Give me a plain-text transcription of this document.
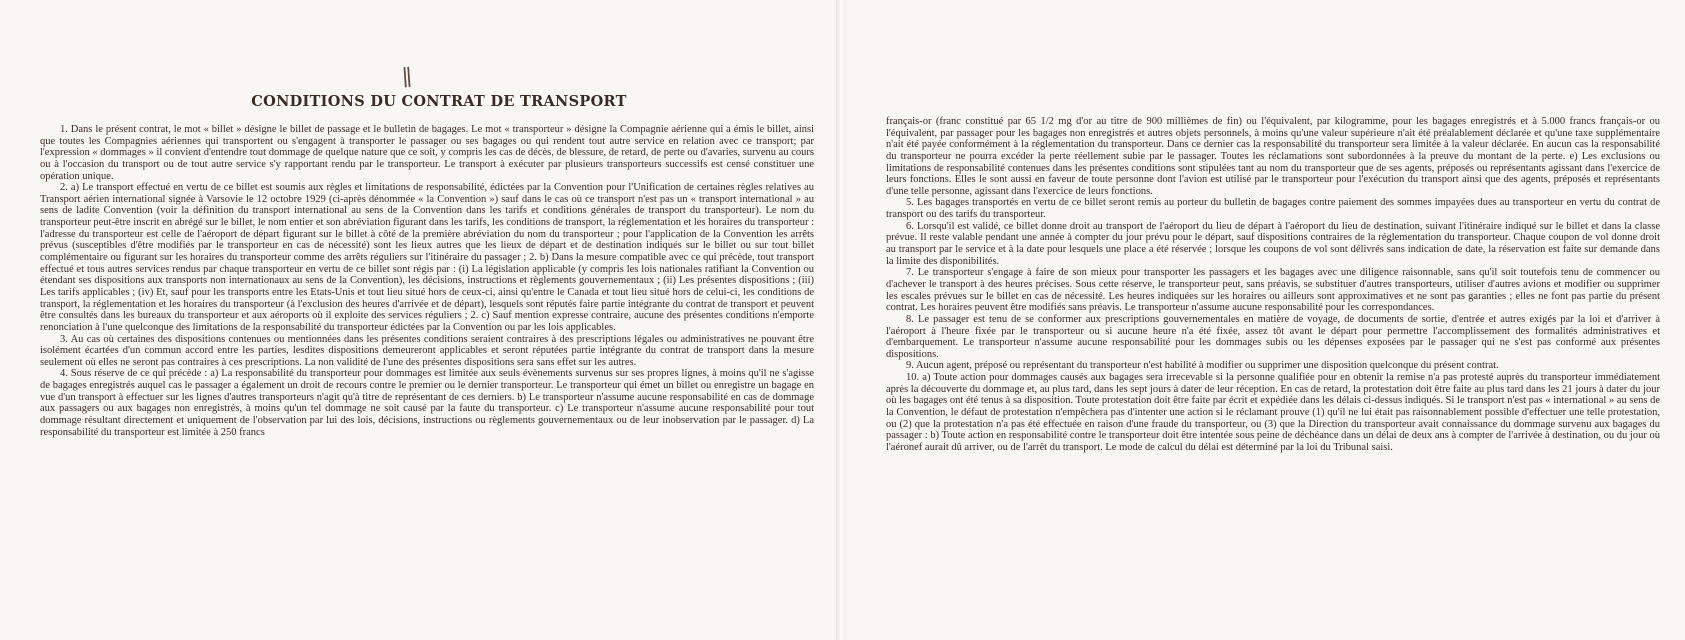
∥
CONDITIONS DU CONTRAT DE TRANSPORT

1. Dans le présent contrat, le mot « billet » désigne le billet de passage et le bulletin de bagages. Le mot « transporteur » désigne la Compagnie aérienne qui a émis le billet, ainsi que toutes les Compagnies aériennes qui transportent ou s'engagent à transporter le passager ou ses bagages ou qui rendent tout autre service en relation avec ce transport; par l'expression « dommages » il convient d'entendre tout dommage de quelque nature que ce soit, y compris les cas de décès, de blessure, de retard, de perte ou d'avaries, survenu au cours ou à l'occasion du transport ou de tout autre service s'y rapportant rendu par le transporteur. Le transport à exécuter par plusieurs transporteurs successifs est censé constituer une opération unique.

2. a) Le transport effectué en vertu de ce billet est soumis aux règles et limitations de responsabilité, édictées par la Convention pour l'Unification de certaines règles relatives au Transport aérien international signée à Varsovie le 12 octobre 1929 (ci-après dénommée « la Convention ») sauf dans le cas où ce transport n'est pas un « transport international » au sens de ladite Convention (voir la définition du transport international au sens de la Convention dans les tarifs et conditions générales de transport du transporteur). Le nom du transporteur peut-être inscrit en abrégé sur le billet, le nom entier et son abréviation figurant dans les tarifs, les conditions de transport, la réglementation et les horaires du transporteur : l'adresse du transporteur est celle de l'aéroport de départ figurant sur le billet à côté de la première abréviation du nom du transporteur ; pour l'application de la Convention les arrêts prévus (susceptibles d'être modifiés par le transporteur en cas de nécessité) sont les lieux autres que les lieux de départ et de destination indiqués sur le billet ou sur tout billet complémentaire ou figurant sur les horaires du transporteur comme des arrêts réguliers sur l'itinéraire du passager ; 2. b) Dans la mesure compatible avec ce qui précède, tout transport effectué et tous autres services rendus par chaque transporteur en vertu de ce billet sont régis par : (i) La législation applicable (y compris les lois nationales ratifiant la Convention ou étendant ses dispositions aux transports non internationaux au sens de la Convention), les décisions, instructions et règlements gouvernementaux ; (ii) Les présentes dispositions ; (iii) Les tarifs applicables ; (iv) Et, sauf pour les transports entre les Etats-Unis et tout lieu situé hors de ceux-ci, ainsi qu'entre le Canada et tout lieu situé hors de celui-ci, les conditions de transport, la réglementation et les horaires du transporteur (à l'exclusion des heures d'arrivée et de départ), lesquels sont réputés faire partie intégrante du contrat de transport et peuvent être consultés dans les bureaux du transporteur et aux aéroports où il exploite des services réguliers ; 2. c) Sauf mention expresse contraire, aucune des présentes conditions n'emporte renonciation à l'une quelconque des limitations de la responsabilité du transporteur édictées par la Convention ou par les lois applicables.

3. Au cas où certaines des dispositions contenues ou mentionnées dans les présentes conditions seraient contraires à des prescriptions légales ou administratives ne pouvant être isolément écartées d'un commun accord entre les parties, lesdites dispositions demeureront applicables et seront réputées partie intégrante du contrat de transport dans la mesure seulement où elles ne seront pas contraires à ces prescriptions. La non validité de l'une des présentes dispositions sera sans effet sur les autres.

4. Sous réserve de ce qui précède : a) La responsabilité du transporteur pour dommages est limitée aux seuls évènements survenus sur ses propres lignes, à moins qu'il ne s'agisse de bagages enregistrés auquel cas le passager a également un droit de recours contre le premier ou le dernier transporteur. Le transporteur qui émet un billet ou enregistre un bagage en vue d'un transport à effectuer sur les lignes d'autres transporteurs n'agit qu'à titre de représentant de ces derniers. b) Le transporteur n'assume aucune responsabilité en cas de dommage aux passagers ou aux bagages non enregistrés, à moins qu'un tel dommage ne soit causé par la faute du transporteur. c) Le transporteur n'assume aucune responsabilité pour tout dommage résultant directement et uniquement de l'observation par lui des lois, décisions, instructions ou règlements gouvernementaux ou de leur inobservation par le passager. d) La responsabilité du transporteur est limitée à 250 francs

français-or (franc constitué par 65 1/2 mg d'or au titre de 900 millièmes de fin) ou l'équivalent, par kilogramme, pour les bagages enregistrés et à 5.000 francs français-or ou l'équivalent, par passager pour les bagages non enregistrés et autres objets personnels, à moins qu'une valeur supérieure n'ait été préalablement déclarée et qu'une taxe supplémentaire n'ait été payée conformément à la réglementation du transporteur. Dans ce dernier cas la responsabilité du transporteur sera limitée à la valeur déclarée. En aucun cas la responsabilité du transporteur ne pourra excéder la perte réellement subie par le passager. Toutes les réclamations sont subordonnées à la preuve du montant de la perte. e) Les exclusions ou limitations de responsabilité contenues dans les présentes conditions sont stipulées tant au nom du transporteur que de ses agents, préposés ou représentants agissant dans l'exercice de leurs fonctions. Elles le sont aussi en faveur de toute personne dont l'avion est utilisé par le transporteur pour l'exécution du transport ainsi que des agents, préposés et représentants d'une telle personne, agissant dans l'exercice de leurs fonctions.

5. Les bagages transportés en vertu de ce billet seront remis au porteur du bulletin de bagages contre paiement des sommes impayées dues au transporteur en vertu du contrat de transport ou des tarifs du transporteur.

6. Lorsqu'il est validé, ce billet donne droit au transport de l'aéroport du lieu de départ à l'aéroport du lieu de destination, suivant l'itinéraire indiqué sur le billet et dans la classe prévue. Il reste valable pendant une année à compter du jour prévu pour le départ, sauf dispositions contraires de la réglementation du transporteur. Chaque coupon de vol donne droit au transport par le service et à la date pour lesquels une place a été réservée ; lorsque les coupons de vol sont délivrés sans indication de date, la réservation est faite sur demande dans la limite des disponibilités.

7. Le transporteur s'engage à faire de son mieux pour transporter les passagers et les bagages avec une diligence raisonnable, sans qu'il soit toutefois tenu de commencer ou d'achever le transport à des heures précises. Sous cette réserve, le transporteur peut, sans préavis, se substituer d'autres transporteurs, utiliser d'autres avions et modifier ou supprimer les escales prévues sur le billet en cas de nécessité. Les heures indiquées sur les horaires ou ailleurs sont approximatives et ne sont pas garanties ; elles ne font pas partie du présent contrat. Les horaires peuvent être modifiés sans préavis. Le transporteur n'assume aucune responsabilité pour les correspondances.

8. Le passager est tenu de se conformer aux prescriptions gouvernementales en matière de voyage, de documents de sortie, d'entrée et autres exigés par la loi et d'arriver à l'aéroport à l'heure fixée par le transporteur ou si aucune heure n'a été fixée, assez tôt avant le départ pour permettre l'accomplissement des formalités administratives et d'embarquement. Le transporteur n'assume aucune responsabilité pour les dommages subis ou les dépenses exposées par le passager qui ne s'est pas conformé aux présentes dispositions.

9. Aucun agent, préposé ou représentant du transporteur n'est habilité à modifier ou supprimer une disposition quelconque du présent contrat.

10. a) Toute action pour dommages causés aux bagages sera irrecevable si la personne qualifiée pour en obtenir la remise n'a pas protesté auprès du transporteur immédiatement après la découverte du dommage et, au plus tard, dans les sept jours à dater de leur réception. En cas de retard, la protestation doit être faite au plus tard dans les 21 jours à dater du jour où les bagages ont été tenus à sa disposition. Toute protestation doit être faite par écrit et expédiée dans les délais ci-dessus indiqués. Si le transport n'est pas « international » au sens de la Convention, le défaut de protestation n'empêchera pas d'intenter une action si le réclamant prouve (1) qu'il ne lui était pas raisonnablement possible d'effectuer une telle protestation, ou (2) que la protestation n'a pas été effectuée en raison d'une fraude du transporteur, ou (3) que la Direction du transporteur avait connaissance du dommage survenu aux bagages du passager : b) Toute action en responsabilité contre le transporteur doit être intentée sous peine de déchéance dans un délai de deux ans à compter de l'arrivée à destination, ou du jour où l'aéronef aurait dû arriver, ou de l'arrêt du transport. Le mode de calcul du délai est déterminé par la loi du Tribunal saisi.
